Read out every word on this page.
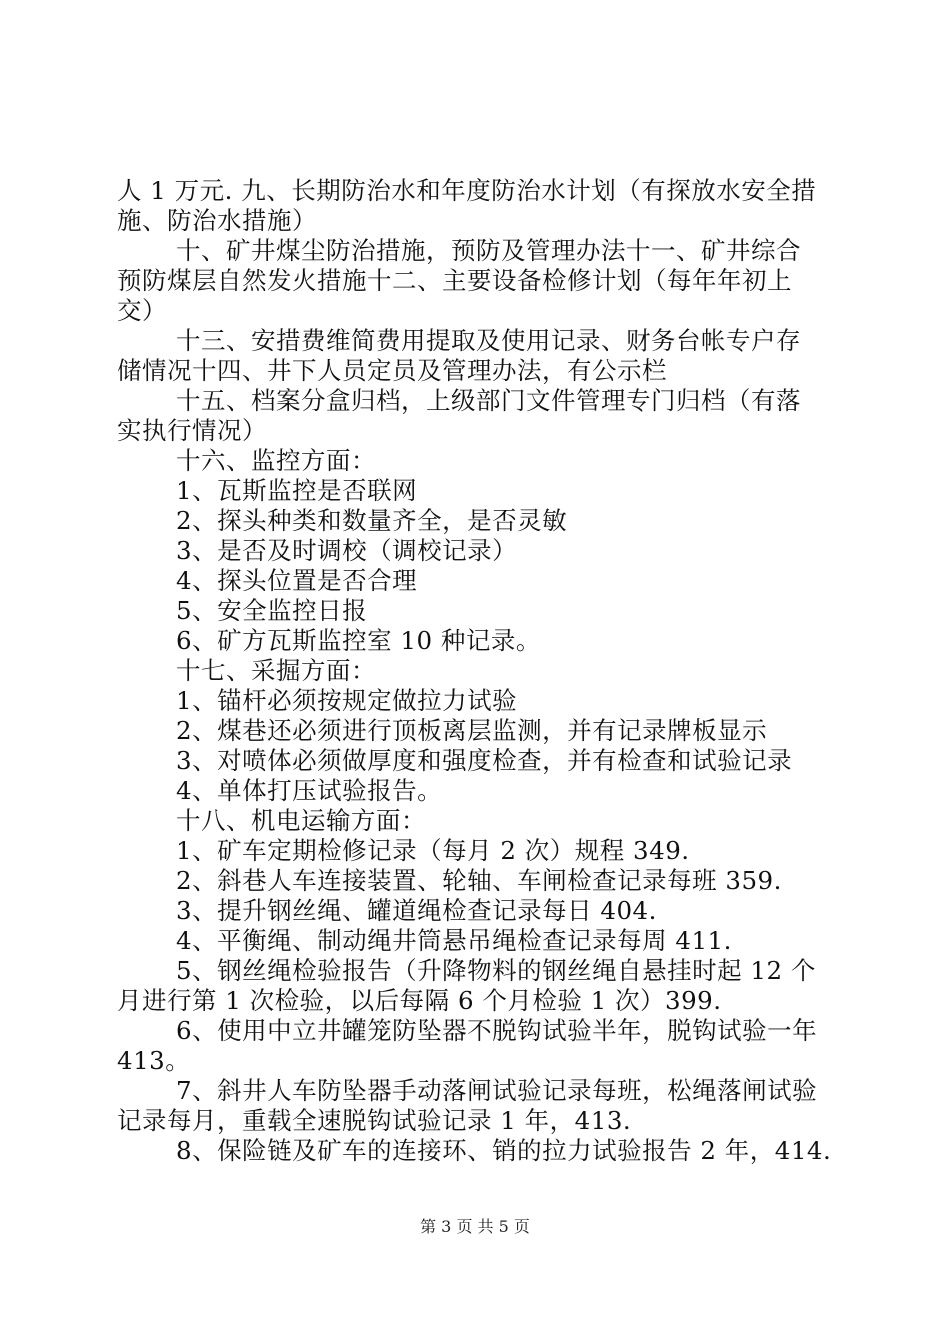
人 1 万元. 九、长期防治水和年度防治水计划（有探放水安全措

施、防治水措施）

十、矿井煤尘防治措施，预防及管理办法十一、矿井综合

预防煤层自然发火措施十二、主要设备检修计划（每年年初上

交）

十三、安措费维简费用提取及使用记录、财务台帐专户存

储情况十四、井下人员定员及管理办法，有公示栏

十五、档案分盒归档，上级部门文件管理专门归档（有落

实执行情况）

十六、监控方面：

1、瓦斯监控是否联网

2、探头种类和数量齐全，是否灵敏

3、是否及时调校（调校记录）

4、探头位置是否合理

5、安全监控日报

6、矿方瓦斯监控室 10 种记录。

十七、采掘方面：

1、锚杆必须按规定做拉力试验

2、煤巷还必须进行顶板离层监测，并有记录牌板显示

3、对喷体必须做厚度和强度检查，并有检查和试验记录

4、单体打压试验报告。

十八、机电运输方面：

1、矿车定期检修记录（每月 2 次）规程 349.

2、斜巷人车连接装置、轮轴、车闸检查记录每班 359.

3、提升钢丝绳、罐道绳检查记录每日 404.

4、平衡绳、制动绳井筒悬吊绳检查记录每周 411.

5、钢丝绳检验报告（升降物料的钢丝绳自悬挂时起 12 个

月进行第 1 次检验，以后每隔 6 个月检验 1 次）399.

6、使用中立井罐笼防坠器不脱钩试验半年，脱钩试验一年

413。

7、斜井人车防坠器手动落闸试验记录每班，松绳落闸试验

记录每月，重载全速脱钩试验记录 1 年，413.

8、保险链及矿车的连接环、销的拉力试验报告 2 年，414.

第 3 页 共 5 页
